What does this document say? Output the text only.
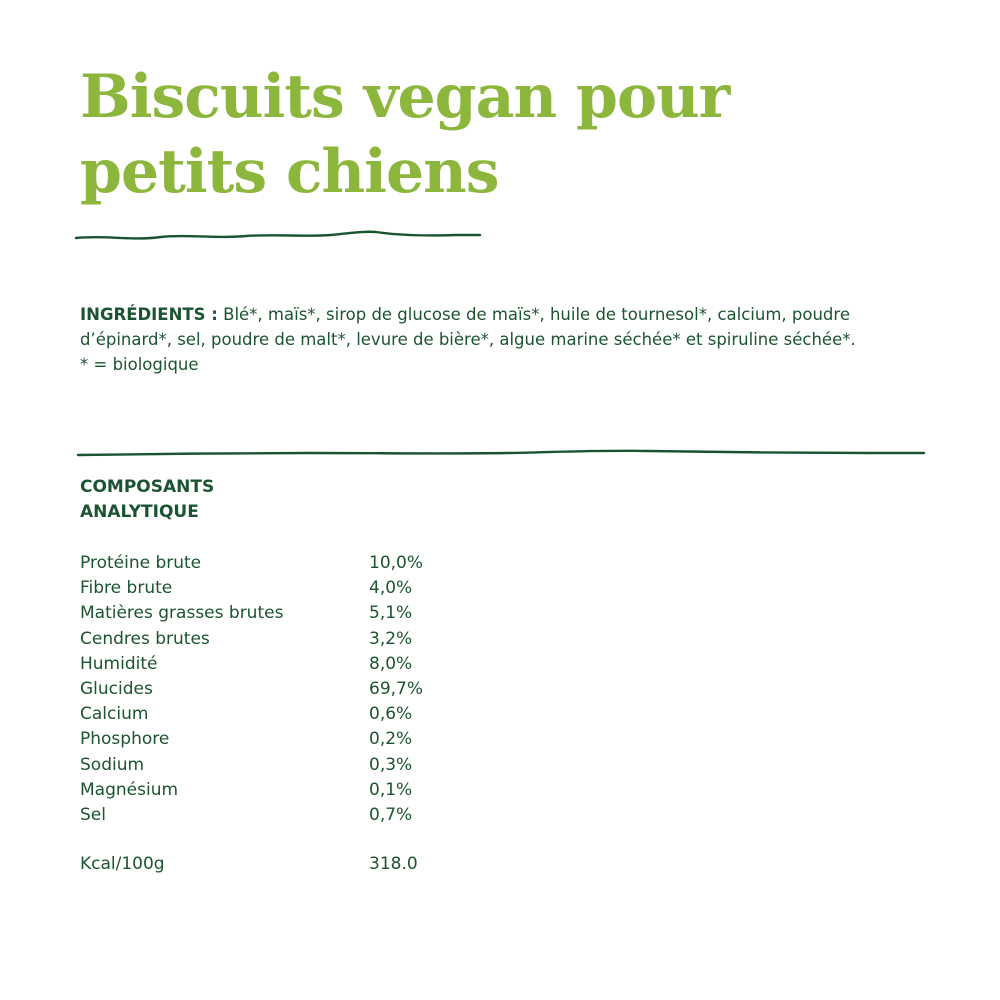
Biscuits vegan pour
petits chiens

INGRÉDIENTS : Blé*, maïs*, sirop de glucose de maïs*, huile de tournesol*, calcium, poudre d’épinard*, sel, poudre de malt*, levure de bière*, algue marine séchée* et spiruline séchée*.
* = biologique

COMPOSANTS
ANALYTIQUE
Protéine brute	10,0%
Fibre brute	4,0%
Matières grasses brutes	5,1%
Cendres brutes	3,2%
Humidité	8,0%
Glucides	69,7%
Calcium	0,6%
Phosphore	0,2%
Sodium	0,3%
Magnésium	0,1%
Sel	0,7%
Kcal/100g	318.0
